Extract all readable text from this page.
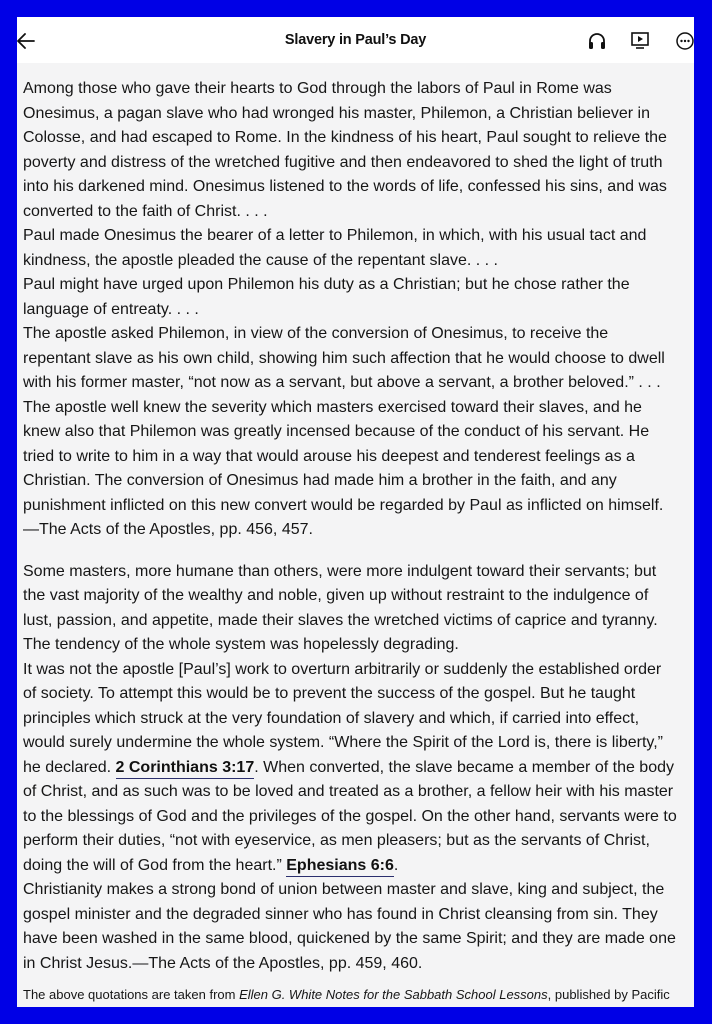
Slavery in Paul’s Day
Among those who gave their hearts to God through the labors of Paul in Rome was
Onesimus, a pagan slave who had wronged his master, Philemon, a Christian believer in
Colosse, and had escaped to Rome. In the kindness of his heart, Paul sought to relieve the
poverty and distress of the wretched fugitive and then endeavored to shed the light of truth
into his darkened mind. Onesimus listened to the words of life, confessed his sins, and was
converted to the faith of Christ. . . .
Paul made Onesimus the bearer of a letter to Philemon, in which, with his usual tact and
kindness, the apostle pleaded the cause of the repentant slave. . . .
Paul might have urged upon Philemon his duty as a Christian; but he chose rather the
language of entreaty. . . .
The apostle asked Philemon, in view of the conversion of Onesimus, to receive the
repentant slave as his own child, showing him such affection that he would choose to dwell
with his former master, “not now as a servant, but above a servant, a brother beloved.” . . .
The apostle well knew the severity which masters exercised toward their slaves, and he
knew also that Philemon was greatly incensed because of the conduct of his servant. He
tried to write to him in a way that would arouse his deepest and tenderest feelings as a
Christian. The conversion of Onesimus had made him a brother in the faith, and any
punishment inflicted on this new convert would be regarded by Paul as inflicted on himself.
—The Acts of the Apostles, pp. 456, 457.
Some masters, more humane than others, were more indulgent toward their servants; but
the vast majority of the wealthy and noble, given up without restraint to the indulgence of
lust, passion, and appetite, made their slaves the wretched victims of caprice and tyranny.
The tendency of the whole system was hopelessly degrading.
It was not the apostle [Paul’s] work to overturn arbitrarily or suddenly the established order
of society. To attempt this would be to prevent the success of the gospel. But he taught
principles which struck at the very foundation of slavery and which, if carried into effect,
would surely undermine the whole system. “Where the Spirit of the Lord is, there is liberty,”
he declared. 2 Corinthians 3:17. When converted, the slave became a member of the body
of Christ, and as such was to be loved and treated as a brother, a fellow heir with his master
to the blessings of God and the privileges of the gospel. On the other hand, servants were to
perform their duties, “not with eyeservice, as men pleasers; but as the servants of Christ,
doing the will of God from the heart.” Ephesians 6:6.
Christianity makes a strong bond of union between master and slave, king and subject, the
gospel minister and the degraded sinner who has found in Christ cleansing from sin. They
have been washed in the same blood, quickened by the same Spirit; and they are made one
in Christ Jesus.—The Acts of the Apostles, pp. 459, 460.
The above quotations are taken from Ellen G. White Notes for the Sabbath School Lessons, published by Pacific
